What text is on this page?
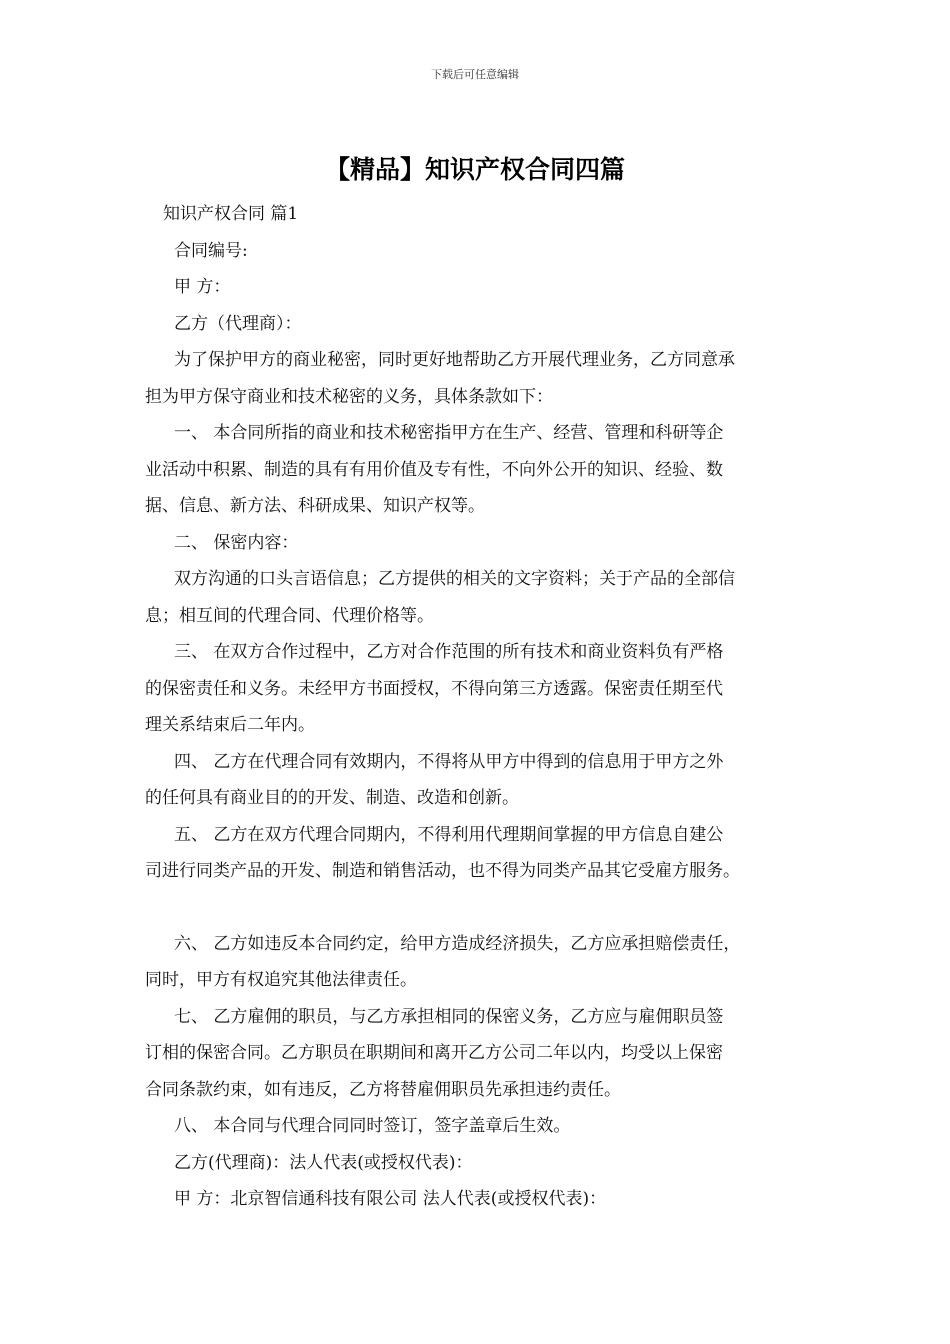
下载后可任意编辑
【精品】知识产权合同四篇

知识产权合同 篇1

合同编号:

甲 方：

乙方（代理商）：

为了保护甲方的商业秘密，同时更好地帮助乙方开展代理业务，乙方同意承

担为甲方保守商业和技术秘密的义务，具体条款如下：

一、 本合同所指的商业和技术秘密指甲方在生产、经营、管理和科研等企

业活动中积累、制造的具有有用价值及专有性，不向外公开的知识、经验、数

据、信息、新方法、科研成果、知识产权等。

二、 保密内容：

双方沟通的口头言语信息；乙方提供的相关的文字资料；关于产品的全部信

息；相互间的代理合同、代理价格等。

三、 在双方合作过程中，乙方对合作范围的所有技术和商业资料负有严格

的保密责任和义务。未经甲方书面授权，不得向第三方透露。保密责任期至代

理关系结束后二年内。

四、 乙方在代理合同有效期内，不得将从甲方中得到的信息用于甲方之外

的任何具有商业目的的开发、制造、改造和创新。

五、 乙方在双方代理合同期内，不得利用代理期间掌握的甲方信息自建公

司进行同类产品的开发、制造和销售活动，也不得为同类产品其它受雇方服务。

六、 乙方如违反本合同约定，给甲方造成经济损失，乙方应承担赔偿责任，

同时，甲方有权追究其他法律责任。

七、 乙方雇佣的职员，与乙方承担相同的保密义务，乙方应与雇佣职员签

订相的保密合同。乙方职员在职期间和离开乙方公司二年以内，均受以上保密

合同条款约束，如有违反，乙方将替雇佣职员先承担违约责任。

八、 本合同与代理合同同时签订，签字盖章后生效。

乙方(代理商)：法人代表(或授权代表)：

甲 方：北京智信通科技有限公司 法人代表(或授权代表)：
